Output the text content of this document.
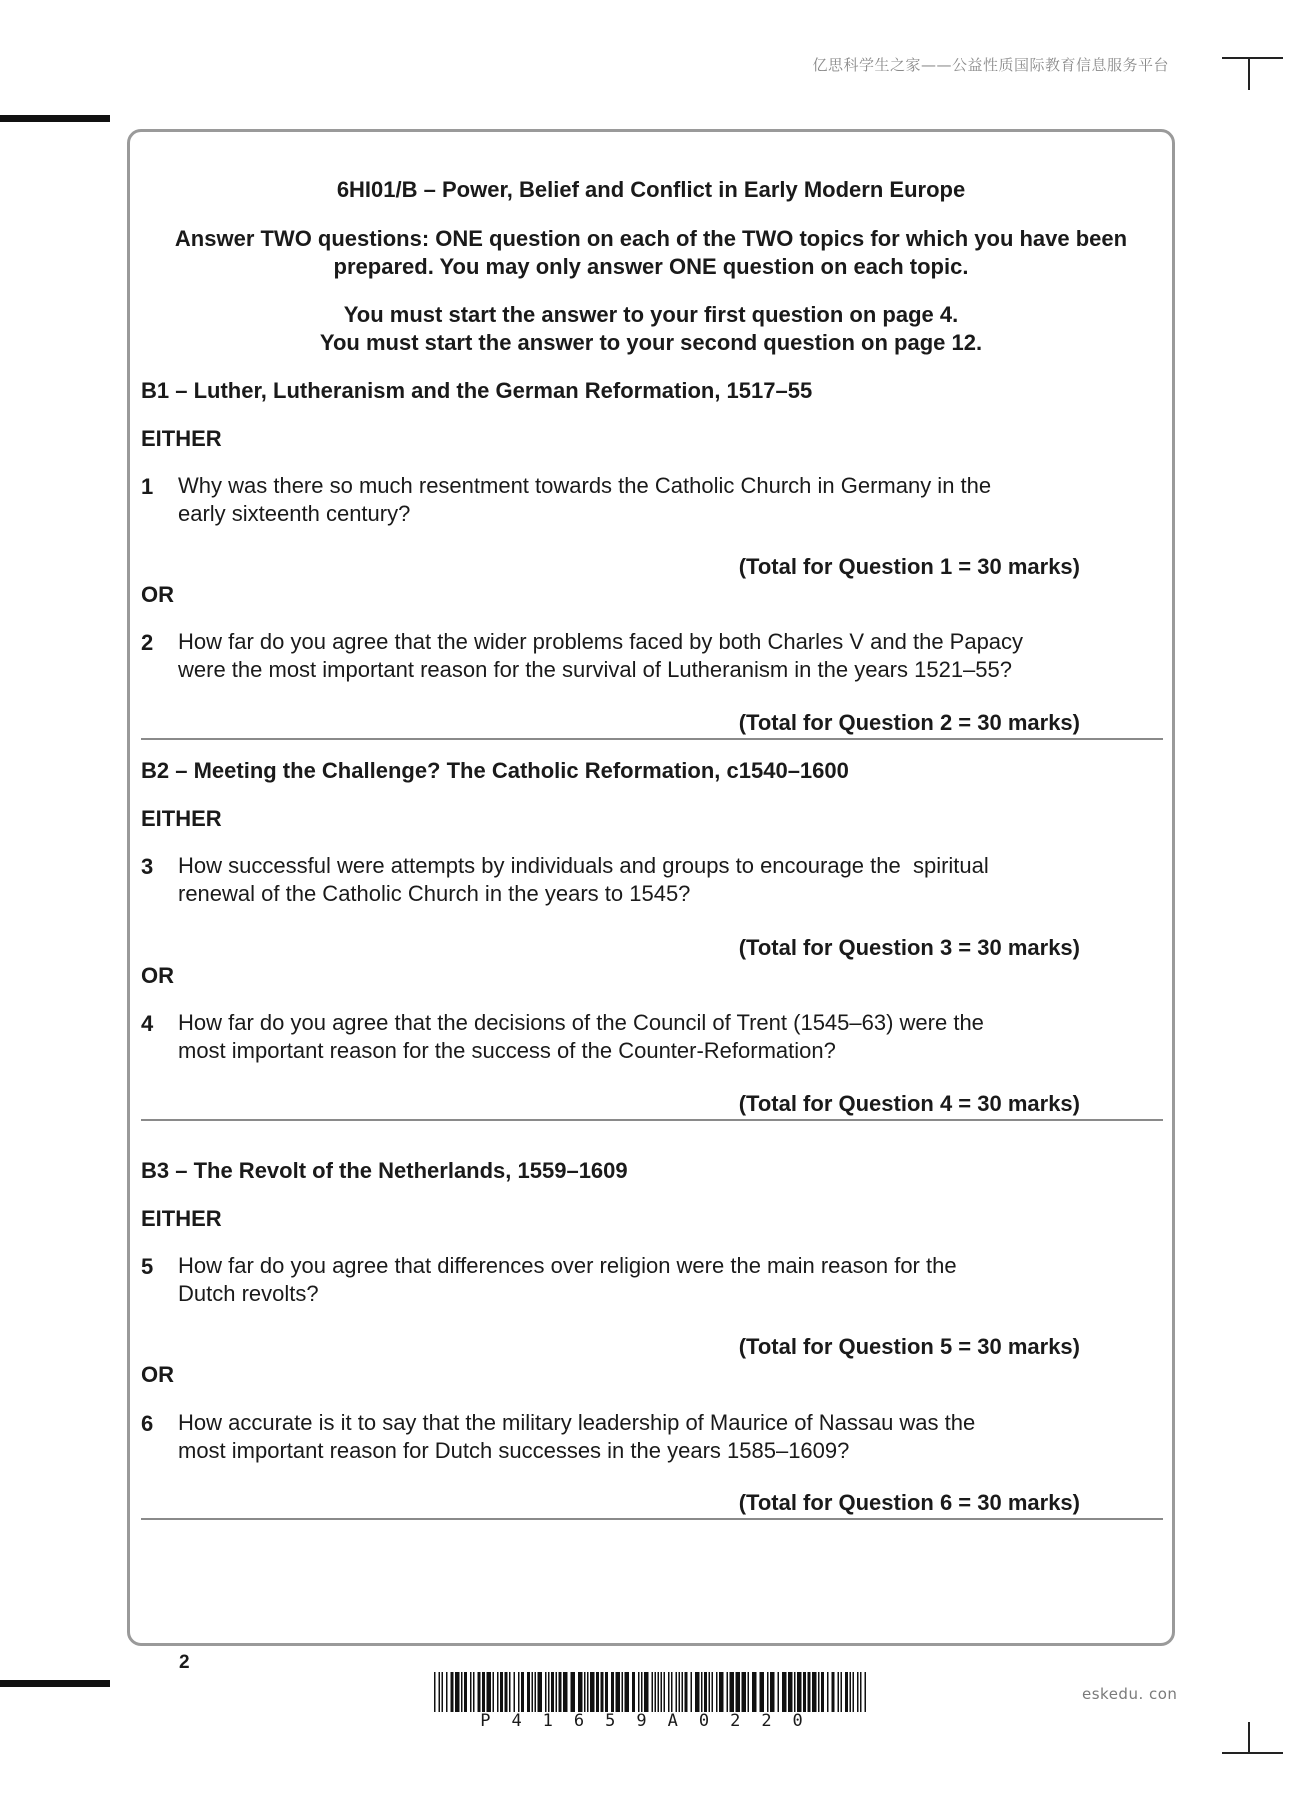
亿思科学生之家——公益性质国际教育信息服务平台
6HI01/B – Power, Belief and Conflict in Early Modern Europe
Answer TWO questions: ONE question on each of the TWO topics for which you have been
prepared. You may only answer ONE question on each topic.
You must start the answer to your first question on page 4.
You must start the answer to your second question on page 12.
B1 – Luther, Lutheranism and the German Reformation, 1517–55
EITHER
1 Why was there so much resentment towards the Catholic Church in Germany in the
early sixteenth century?
(Total for Question 1 = 30 marks)
OR
2 How far do you agree that the wider problems faced by both Charles V and the Papacy
were the most important reason for the survival of Lutheranism in the years 1521–55?
(Total for Question 2 = 30 marks)
B2 – Meeting the Challenge? The Catholic Reformation, c1540–1600
EITHER
3 How successful were attempts by individuals and groups to encourage the  spiritual
renewal of the Catholic Church in the years to 1545?
(Total for Question 3 = 30 marks)
OR
4 How far do you agree that the decisions of the Council of Trent (1545–63) were the
most important reason for the success of the Counter-Reformation?
(Total for Question 4 = 30 marks)
B3 – The Revolt of the Netherlands, 1559–1609
EITHER
5 How far do you agree that differences over religion were the main reason for the
Dutch revolts?
(Total for Question 5 = 30 marks)
OR
6 How accurate is it to say that the military leadership of Maurice of Nassau was the
most important reason for Dutch successes in the years 1585–1609?
(Total for Question 6 = 30 marks)
2
P41659A0220
eskedu. con
